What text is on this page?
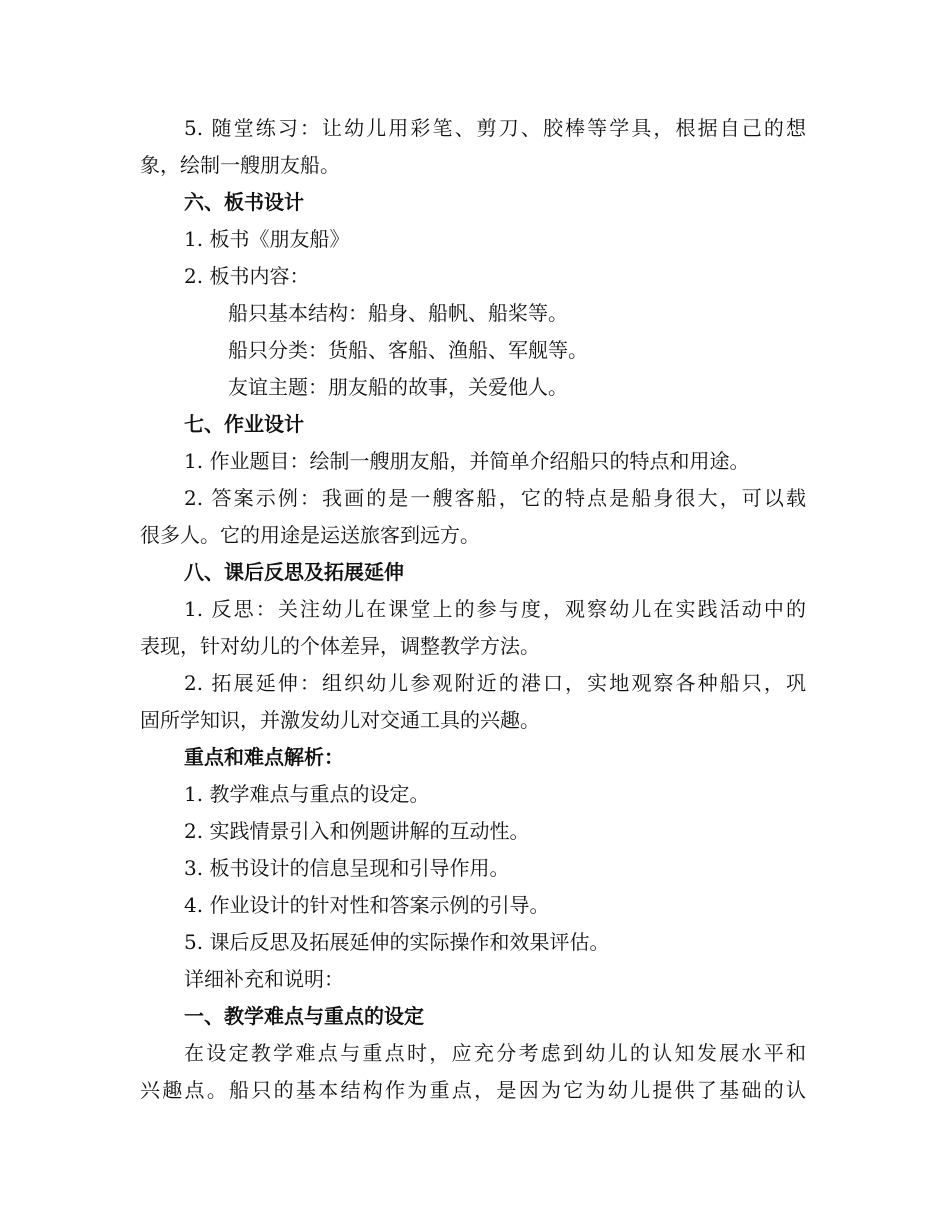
5. 随堂练习：让幼儿用彩笔、剪刀、胶棒等学具，根据自己的想
象，绘制一艘朋友船。
六、板书设计
1. 板书《朋友船》
2. 板书内容：
船只基本结构：船身、船帆、船桨等。
船只分类：货船、客船、渔船、军舰等。
友谊主题：朋友船的故事，关爱他人。
七、作业设计
1. 作业题目：绘制一艘朋友船，并简单介绍船只的特点和用途。
2. 答案示例：我画的是一艘客船，它的特点是船身很大，可以载
很多人。它的用途是运送旅客到远方。
八、课后反思及拓展延伸
1. 反思：关注幼儿在课堂上的参与度，观察幼儿在实践活动中的
表现，针对幼儿的个体差异，调整教学方法。
2. 拓展延伸：组织幼儿参观附近的港口，实地观察各种船只，巩
固所学知识，并激发幼儿对交通工具的兴趣。
重点和难点解析：
1. 教学难点与重点的设定。
2. 实践情景引入和例题讲解的互动性。
3. 板书设计的信息呈现和引导作用。
4. 作业设计的针对性和答案示例的引导。
5. 课后反思及拓展延伸的实际操作和效果评估。
详细补充和说明：
一、教学难点与重点的设定
在设定教学难点与重点时，应充分考虑到幼儿的认知发展水平和
兴趣点。船只的基本结构作为重点，是因为它为幼儿提供了基础的认
